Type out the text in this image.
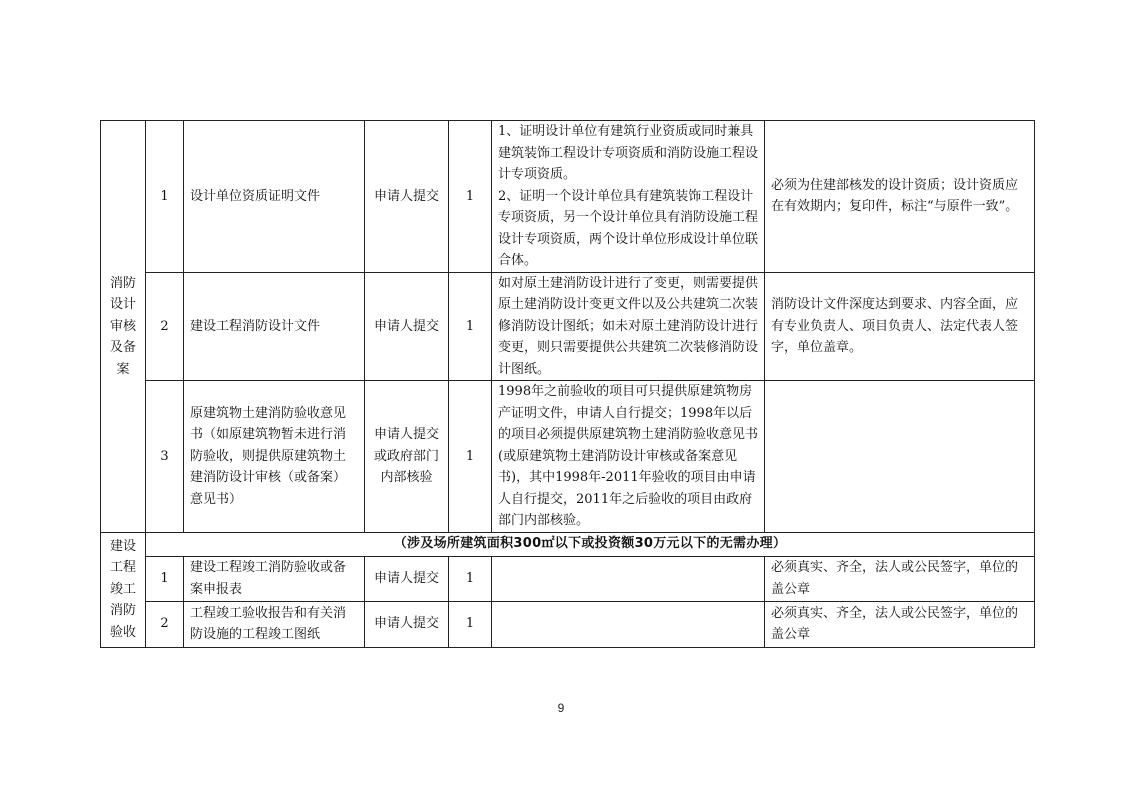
消防设计审核及备案	1	设计单位资质证明文件	申请人提交	1	1、证明设计单位有建筑行业资质或同时兼具建筑装饰工程设计专项资质和消防设施工程设计专项资质。
2、证明一个设计单位具有建筑装饰工程设计专项资质，另一个设计单位具有消防设施工程设计专项资质，两个设计单位形成设计单位联合体。	必须为住建部核发的设计资质；设计资质应在有效期内；复印件，标注“与原件一致”。
	2	建设工程消防设计文件	申请人提交	1	如对原土建消防设计进行了变更，则需要提供原土建消防设计变更文件以及公共建筑二次装修消防设计图纸；如未对原土建消防设计进行变更，则只需要提供公共建筑二次装修消防设计图纸。	消防设计文件深度达到要求、内容全面，应有专业负责人、项目负责人、法定代表人签字，单位盖章。
	3	原建筑物土建消防验收意见书（如原建筑物暂未进行消防验收，则提供原建筑物土建消防设计审核（或备案）意见书）	申请人提交或政府部门内部核验	1	1998年之前验收的项目可只提供原建筑物房产证明文件，申请人自行提交；1998年以后的项目必须提供原建筑物土建消防验收意见书(或原建筑物土建消防设计审核或备案意见书)，其中1998年-2011年验收的项目由申请人自行提交，2011年之后验收的项目由政府部门内部核验。	
建设工程竣工消防验收	（涉及场所建筑面积300㎡以下或投资额30万元以下的无需办理）					
	1	建设工程竣工消防验收或备案申报表	申请人提交	1		必须真实、齐全，法人或公民签字，单位的盖公章
	2	工程竣工验收报告和有关消防设施的工程竣工图纸	申请人提交	1		必须真实、齐全，法人或公民签字，单位的盖公章
9
